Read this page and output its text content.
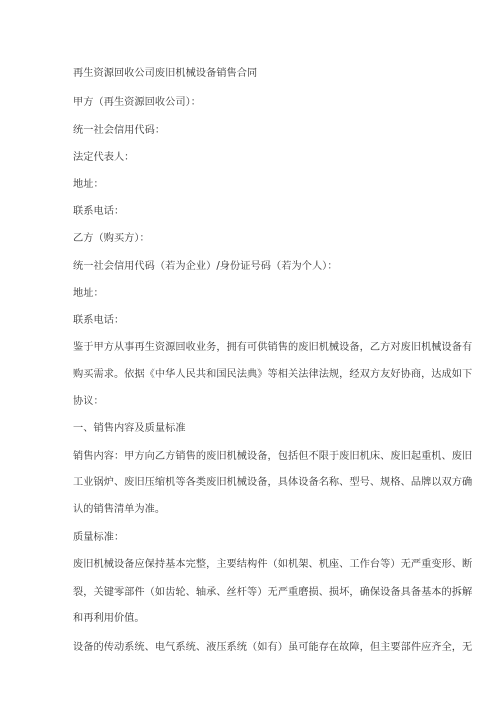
再生资源回收公司废旧机械设备销售合同
甲方（再生资源回收公司）：
统一社会信用代码：
法定代表人：
地址：
联系电话：
乙方（购买方）：
统一社会信用代码（若为企业）/身份证号码（若为个人）：
地址：
联系电话：
鉴于甲方从事再生资源回收业务，拥有可供销售的废旧机械设备，乙方对废旧机械设备有
购买需求。依据《中华人民共和国民法典》等相关法律法规，经双方友好协商，达成如下
协议：
一、销售内容及质量标准
销售内容：甲方向乙方销售的废旧机械设备，包括但不限于废旧机床、废旧起重机、废旧
工业锅炉、废旧压缩机等各类废旧机械设备，具体设备名称、型号、规格、品牌以双方确
认的销售清单为准。
质量标准：
废旧机械设备应保持基本完整，主要结构件（如机架、机座、工作台等）无严重变形、断
裂，关键零部件（如齿轮、轴承、丝杆等）无严重磨损、损坏，确保设备具备基本的拆解
和再利用价值。
设备的传动系统、电气系统、液压系统（如有）虽可能存在故障，但主要部件应齐全，无
